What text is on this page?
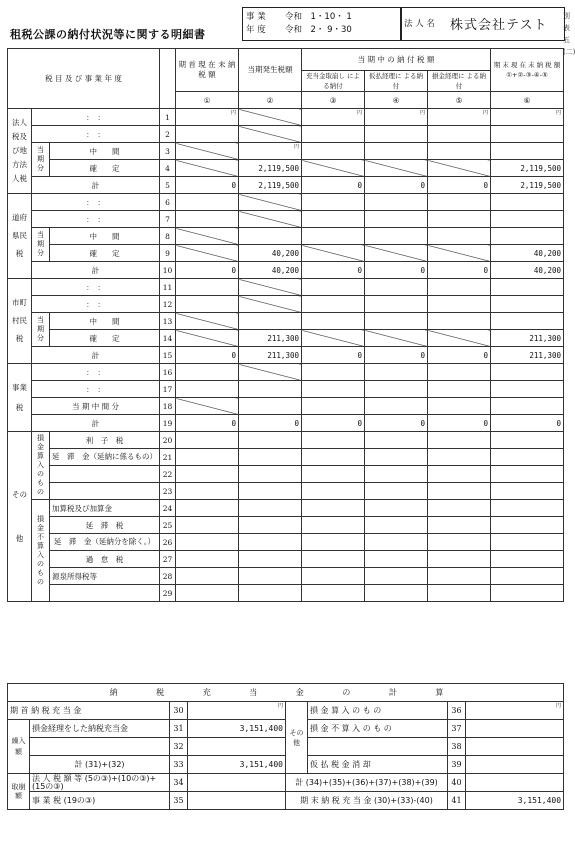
租税公課の納付状況等に関する明細書
事 業
年 度
令和　1・10・ 1
令和　2・ 9・30
法 人 名 株式会社テスト
別表五(二)
税 目 及 び 事 業 年 度				期 首 現 在 未 納 税 額	当期発生税額	当 期 中 の 納 付 税 額			期 末 現 在 未 納 税 額 ①+②-③-④-⑤
						充当金取崩し による納付	仮払経理に よる納付	損金経理に よる納付	
				①	②	③	④	⑤	⑥
法人税及び地方法人税	：　：		1	円		円	円	円	円
	：　：		2						
	当期分	中　　間	3		円				
		確　　定	4		2,119,500				2,119,500
	計		5	0	2,119,500	0	0	0	2,119,500
道府県民税	：　：		6						
	：　：		7						
	当期分	中　　間	8						
		確　　定	9		40,200				40,200
	計		10	0	40,200	0	0	0	40,200
市町村民税	：　：		11						
	：　：		12						
	当期分	中　　間	13						
		確　　定	14		211,300				211,300
	計		15	0	211,300	0	0	0	211,300
事業税	：　：		16						
	：　：		17						
	当 期 中 間 分		18						
	計		19	0	0	0	0	0	0
その他	損金算入のもの	利　子　税	20						
		延　滞　金（延納に係るもの）	21						
			22						
			23						
	損金不算入のもの	加算税及び加算金	24						
		延　滞　税	25						
		延　滞　金（延納分を除く。）	26						
		過　怠　税	27						
		源泉所得税等	28						
			29						
納 税 充 当 金 の 計 算							
期 首 納 税 充 当 金		30	円	その他	損 金 算 入 の も の	36	円
繰入額	損金経理をした納税充当金	31	3,151,400		損 金 不 算 入 の も の	37	
		32				38	
	計 (31)+(32)	33	3,151,400		仮 払 税 金 消 却	39	
取崩額	法 人 税 額 等 (5の③)+(10の③)+(15の③)	34		計 (34)+(35)+(36)+(37)+(38)+(39)		40	
	事 業 税 (19の③)	35		期 末 納 税 充 当 金 (30)+(33)-(40)		41	3,151,400
